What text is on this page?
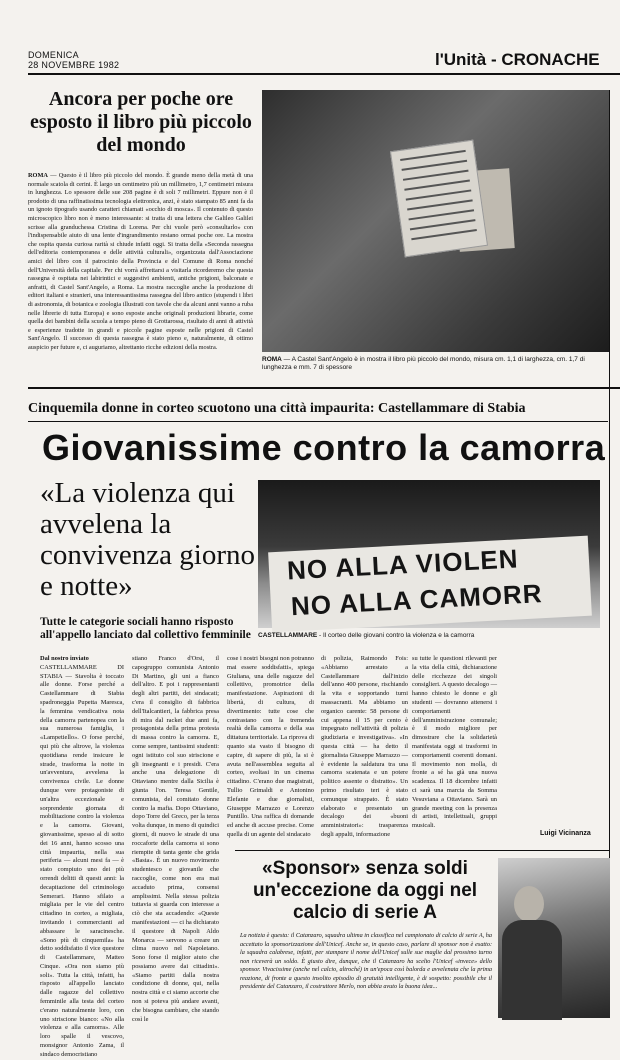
DOMENICA
28 NOVEMBRE 1982	l'Unità - CRONACHE
Ancora per poche ore esposto il libro più piccolo del mondo
ROMA — Questo è il libro più piccolo del mondo. È grande meno della metà di una normale scatola di cerini. È largo un centimetro più un millimetro, 1,7 centimetri misura in lunghezza. Lo spessore delle sue 208 pagine è di soli 7 millimetri. Eppure non è il prodotto di una raffinatissima tecnologia elettronica, anzi, è stato stampato 85 anni fa da un ignoto tipografo usando caratteri chiamati «occhio di mosca». Il contenuto di questo microscopico libro non è meno interessante: si tratta di una lettera che Galileo Galilei scrisse alla granduchessa Cristina di Lorena. Per chi vuole però «consultarlo» con l'indispensabile aiuto di una lente d'ingrandimento restano ormai poche ore. La mostra che ospita questa curiosa rarità si chiude infatti oggi. Si tratta della «Seconda rassegna dell'editoria contemporanea e delle attività culturali», organizzata dall'Associazione amici del libro con il patrocinio della Provincia e del Comune di Roma nonché dell'Università della capitale. Per chi vorrà affrettarsi a visitarla ricorderemo che questa rassegna è ospitata nei labirintici e suggestivi ambienti, antiche prigioni, balconate e anfratti, di Castel Sant'Angelo, a Roma. La mostra raccoglie anche la produzione di editori italiani e stranieri, una interessantissima rassegna del libro antico (stupendi i libri di astronomia, di botanica e zoologia illustrati con tavole che da alcuni anni vanno a ruba nelle librerie di tutta Europa) e sono esposte anche originali produzioni librarie, come quella dei bambini della scuola a tempo pieno di Grottarossa, risultato di anni di attività e esperienze tradotte in grandi e piccole pagine esposte nelle prigioni di Castel Sant'Angelo. Il successo di questa rassegna è stato pieno e, naturalmente, di ottimo auspicio per future e, ci auguriamo, altrettanto ricche edizioni della mostra.
ROMA — A Castel Sant'Angelo è in mostra il libro più piccolo del mondo, misura cm. 1,1 di larghezza, cm. 1,7 di lunghezza e mm. 7 di spessore
Cinquemila donne in corteo scuotono una città impaurita: Castellammare di Stabia
Giovanissime contro la camorra
«La violenza qui avvelena la convivenza giorno e notte»
Tutte le categorie sociali hanno risposto all'appello lanciato dal collettivo femminile
NO ALLA VIOLEN
NO ALLA CAMORR
CASTELLAMMARE - Il corteo delle giovani contro la violenza e la camorra
Dal nostro inviato
CASTELLAMMARE DI STABIA — Stavolta è toccato alle donne. Forse perché a Castellammare di Stabia spadroneggia Pupetta Maresca, la femmina vendicativa nota della camorra partenopea con la sua numerosa famiglia, i «Lampetiello». O forse perché, qui più che altrove, la violenza quotidiana rende insicure le strade, trasforma la notte in un'avventura, avvelena la convivenza civile. Le donne dunque vere protagoniste di un'altra eccezionale e sorprendente giornata di mobilitazione contro la violenza e la camorra. Giovani, giovanissime, spesso al di sotto dei 16 anni, hanno scosso una città impaurita, nella sua periferia — alcuni mesi fa — è stato compiuto uno dei più orrendi delitti di questi anni: la decapitazione del criminologo Semerari. Hanno sfilato a migliaia per le vie del centro cittadino in corteo, a migliaia, invitando i commercianti ad abbassare le saracinesche. «Sono più di cinquemila» ha detto soddisfatto il vice questore di Castellammare, Matteo Cinque. «Ora non siamo più soli». Tutta la città, infatti, ha risposto all'appello lanciato dalle ragazze del collettivo femminile alla testa del corteo c'erano naturalmente loro, con uno striscione bianco: «No alla violenza e alla camorra». Alle loro spalle il vescovo, monsignor Antonio Zama, il sindaco democristiano
stiano Franco d'Orsi, il capogruppo comunista Antonio Di Martino, gli uni a fianco dell'altro. E poi i rappresentanti degli altri partiti, dei sindacati; c'era il consiglio di fabbrica dell'Italcantieri, la fabbrica presa di mira dal racket due anni fa, protagonista della prima protesta di massa contro la camorra. E, come sempre, tantissimi studenti: ogni istituto col suo striscione e gli insegnanti e i presidi. C'era anche una delegazione di Ottaviano mentre dalla Sicilia è giunta l'on. Teresa Gentile, comunista, del comitato donne contro la mafia. Dopo Ottaviano, dopo Torre del Greco, per la terza volta dunque, in meno di quindici giorni, di nuovo le strade di una roccaforte della camorra si sono riempite di tanta gente che grida «Basta». È un nuovo movimento studentesco e giovanile che raccoglie, come non era mai accaduto prima, consensi amplissimi. Nella stessa polizia tuttavia si guarda con interesse a ciò che sta accadendo: «Queste manifestazioni — ci ha dichiarato il questore di Napoli Aldo Monarca — servono a creare un clima nuovo nel Napoletano. Sono forse il miglior aiuto che possiamo avere dai cittadini». «Siamo partiti dalla nostra condizione di donne, qui, nella nostra città e ci siamo accorte che non si poteva più andare avanti, che bisogna cambiare, che stando così le
cose i nostri bisogni non potranno mai essere soddisfatti», spiega Giuliana, una delle ragazze del collettivo, promotrice della manifestazione. Aspirazioni di libertà, di cultura, di divertimento: tutte cose che contrastano con la tremenda realtà della camorra e della sua dittatura territoriale. La riprova di quanto sia vasto il bisogno di capire, di sapere di più, la si è avuta nell'assemblea seguita al corteo, svoltasi in un cinema cittadino. C'erano due magistrati, Tullio Grimaldi e Antonino Elefante e due giornalisti, Giuseppe Marrazzo e Lorenzo Puntillo. Una raffica di domande ed anche di accuse precise. Come quella di un agente del sindacato
di polizia, Raimondo Fois: «Abbiamo arrestato a Castellammare dall'inizio dell'anno 400 persone, rischiando la vita e sopportando turni massacranti. Ma abbiamo un organico carente: 58 persone di cui appena il 15 per cento è impegnato nell'attività di polizia giudiziaria e investigativa». «In questa città — ha detto il giornalista Giuseppe Marrazzo — è evidente la saldatura tra una camorra scatenata e un potere politico assente o distratto». Un primo risultato teri è stato comunque strappato. È stato elaborato e presentato un decalogo dei «buoni amministratori»: trasparenza degli appalti, informazione
su tutte le questioni rilevanti per la vita della città, dichiarazione delle ricchezze dei singoli consiglieri. A questo decalogo — hanno chiesto le donne e gli studenti — dovranno attenersi i comportamenti dell'amministrazione comunale; è il modo migliore per dimostrare che la solidarietà manifestata oggi si trasformi in comportamenti coerenti domani. Il movimento non molla, di fronte a sé ha già una nuova scadenza. Il 18 dicembre infatti ci sarà una marcia da Somma Vesuviana a Ottaviano. Sarà un grande meeting con la presenza di artisti, intellettuali, gruppi musicali.
Luigi Vicinanza
«Sponsor» senza soldi un'eccezione da oggi nel calcio di serie A
La notizia è questa: il Catanzaro, squadra ultima in classifica nel campionato di calcio di serie A, ha accettato la sponsorizzazione dell'Unicef. Anche se, in questo caso, parlare di sponsor non è esatto: la squadra calabrese, infatti, per stampare il nome dell'Unicef sulle sue maglie dal prossimo turno non riceverà un soldo. È giusto dire, dunque, che il Catanzaro ha scelto l'Unicef «invece» dello sponsor. Vivacissime (anche nel calcio, altroché) in un'epoca così balorda e avvelenata che la prima reazione, di fronte a questo insolito episodio di gratuità intelligente, è di sospetto: possibile che il presidente del Catanzaro, il costruttore Merlo, non abbia avuto la buona idea...
